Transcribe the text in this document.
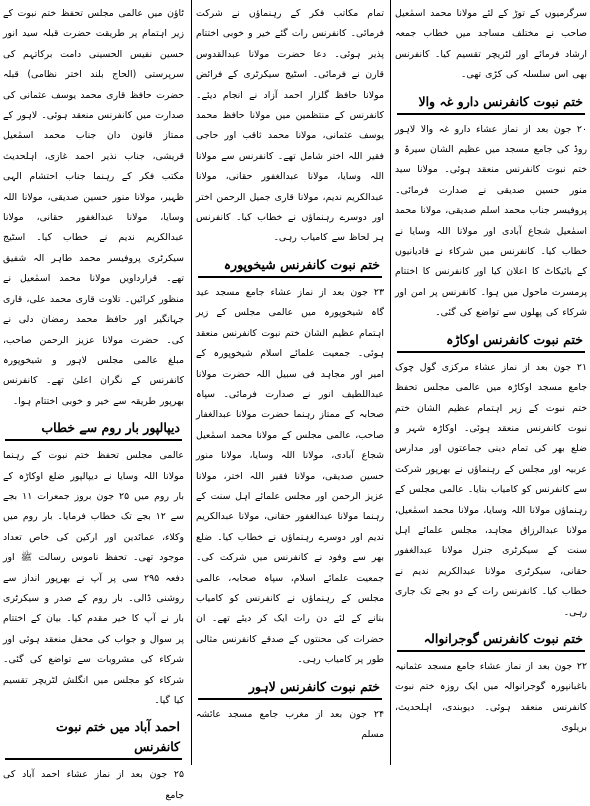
سرگرمیوں کے توڑ کے لئے مولانا محمد اسمٰعیل صاحب نے مختلف مساجد میں خطاب جمعہ ارشاد فرمائے اور لٹریچر تقسیم کیا۔ کانفرنس بھی اس سلسلہ کی کڑی تھی۔

ختم نبوت کانفرنس دارو غہ والا

۲۰ جون بعد از نماز عشاء دارو غہ والا لاہور روڈ کی جامع مسجد میں عظیم الشان سیرۃ و ختم نبوت کانفرنس منعقد ہوئی۔ مولانا سید منور حسین صدیقی نے صدارت فرمائی۔ پروفیسر جناب محمد اسلم صدیقی، مولانا محمد اسمٰعیل شجاع آبادی اور مولانا اللہ وسایا نے خطاب کیا۔ کانفرنس میں شرکاء نے قادیانیوں کے بائیکاٹ کا اعلان کیا اور کانفرنس کا اختتام پرمسرت ماحول میں ہوا۔ کانفرنس پر امن اور شرکاء کی پھلوں سے تواضع کی گئی۔

ختم نبوت کانفرنس اوکاڑہ

۲۱ جون بعد از نماز عشاء مرکزی گول چوک جامع مسجد اوکاڑہ میں عالمی مجلس تحفظ ختم نبوت کے زیر اہتمام عظیم الشان ختم نبوت کانفرنس منعقد ہوئی۔ اوکاڑہ شہر و ضلع بھر کی تمام دینی جماعتوں اور مدارس عربیہ اور مجلس کے رہنماؤں نے بھرپور شرکت سے کانفرنس کو کامیاب بنایا۔ عالمی مجلس کے رہنماؤں مولانا اللہ وسایا، مولانا محمد اسمٰعیل، مولانا عبدالرزاق مجاہد، مجلس علمائے اہل سنت کے سیکرٹری جنرل مولانا عبدالغفور حقانی، سیکرٹری مولانا عبدالکریم ندیم نے خطاب کیا۔ کانفرنس رات کے دو بجے تک جاری رہی۔

ختم نبوت کانفرنس گوجرانوالہ

۲۲ جون بعد از نماز عشاء جامع مسجد عثمانیہ باغبانپورہ گوجرانوالہ میں ایک روزہ ختم نبوت کانفرنس منعقد ہوئی۔ دیوبندی، اہلحدیث، بریلوی

تمام مکاتب فکر کے رہنماؤں نے شرکت فرمائی۔ کانفرنس رات گئے خیر و خوبی اختتام پذیر ہوئی۔ دعا حضرت مولانا عبدالقدوس قارن نے فرمائی۔ اسٹیج سیکرٹری کے فرائض مولانا حافظ گلزار احمد آزاد نے انجام دیئے۔ کانفرنس کے منتظمین میں مولانا حافظ محمد یوسف عثمانی، مولانا محمد ثاقب اور حاجی فقیر اللہ اختر شامل تھے۔ کانفرنس سے مولانا اللہ وسایا، مولانا عبدالغفور حقانی، مولانا عبدالکریم ندیم، مولانا قاری جمیل الرحمن اختر اور دوسرے رہنماؤں نے خطاب کیا۔ کانفرنس ہر لحاظ سے کامیاب رہی۔

ختم نبوت کانفرنس شیخوپورہ

۲۳ جون بعد از نماز عشاء جامع مسجد عید گاہ شیخوپورہ میں عالمی مجلس کے زیر اہتمام عظیم الشان ختم نبوت کانفرنس منعقد ہوئی۔ جمعیت علمائے اسلام شیخوپورہ کے امیر اور مجاہد فی سبیل اللہ حضرت مولانا عبداللطیف انور نے صدارت فرمائی۔ سپاہ صحابہ کے ممتاز رہنما حضرت مولانا عبدالغفار صاحب، عالمی مجلس کے مولانا محمد اسمٰعیل شجاع آبادی، مولانا اللہ وسایا، مولانا منور حسین صدیقی، مولانا فقیر اللہ اختر، مولانا عزیز الرحمن اور مجلس علمائے اہل سنت کے رہنما مولانا عبدالغفور حقانی، مولانا عبدالکریم ندیم اور دوسرے رہنماؤں نے خطاب کیا۔ ضلع بھر سے وفود نے کانفرنس میں شرکت کی۔ جمعیت علمائے اسلام، سپاہ صحابہ، عالمی مجلس کے رہنماؤں نے کانفرنس کو کامیاب بنانے کے لئے دن رات ایک کر دیئے تھے۔ ان حضرات کی محنتوں کے صدقے کانفرنس مثالی طور پر کامیاب رہی۔

ختم نبوت کانفرنس لاہور

۲۴ جون بعد از مغرب جامع مسجد عائشہ مسلم

ٹاؤن میں عالمی مجلس تحفظ ختم نبوت کے زیر اہتمام پر طریقت حضرت قبلہ سید انور حسین نفیس الحسینی دامت برکاتہم کی سرپرستی (الحاج بلند اختر نظامی) قبلہ حضرت حافظ قاری محمد یوسف عثمانی کی صدارت میں کانفرنس منعقد ہوئی۔ لاہور کے ممتاز قانون دان جناب محمد اسمٰعیل قریشی، جناب نذیر احمد غازی، اہلحدیث مکتب فکر کے رہنما جناب احتشام الہی ظہیر، مولانا منور حسین صدیقی، مولانا اللہ وسایا، مولانا عبدالغفور حقانی، مولانا عبدالکریم ندیم نے خطاب کیا۔ اسٹیج سیکرٹری پروفیسر محمد طاہر الہ شفیق تھے۔ قرارداویں مولانا محمد اسمٰعیل نے منظور کرائیں۔ تلاوت قاری محمد علی، قاری جہانگیر اور حافظ محمد رمضان دلی نے کی۔ حضرت مولانا عزیز الرحمن صاحب، مبلغ عالمی مجلس لاہور و شیخوپورہ کانفرنس کے نگران اعلیٰ تھے۔ کانفرنس بھرپور طریقہ سے خیر و خوبی اختتام ہوا۔

دیپالپور بار روم سے خطاب

عالمی مجلس تحفظ ختم نبوت کے رہنما مولانا اللہ وسایا نے دیپالپور ضلع اوکاڑہ کے بار روم میں ۲۵ جون بروز جمعرات ۱۱ بجے سے ۱۲ بجے تک خطاب فرمایا۔ بار روم میں وکلاء، عمائدین اور ارکین کی خاص تعداد موجود تھی۔ تحفظ ناموس رسالت ﷺ اور دفعہ ۲۹۵ سی پر آپ نے بھرپور انداز سے روشنی ڈالی۔ بار روم کے صدر و سیکرٹری بار نے آپ کا خیر مقدم کیا۔ بیان کے اختتام پر سوال و جواب کی محفل منعقد ہوئی اور شرکاء کی مشروبات سے تواضع کی گئی۔ شرکاء کو مجلس میں انگلش لٹریچر تقسیم کیا گیا۔

احمد آباد میں ختم نبوت کانفرنس

۲۵ جون بعد از نماز عشاء احمد آباد کی جامع
